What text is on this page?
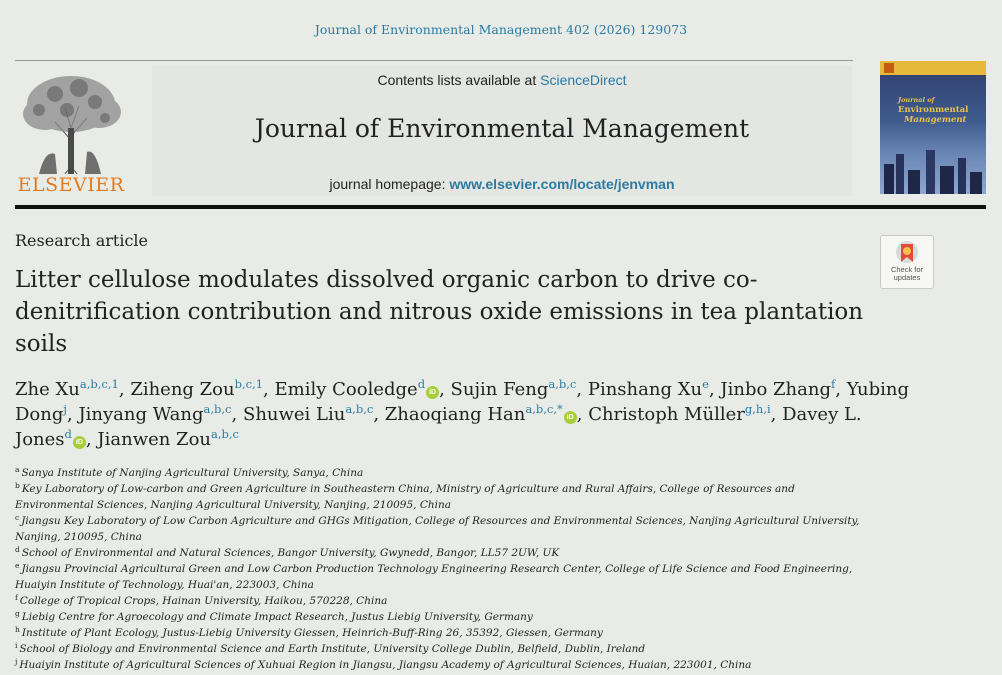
Journal of Environmental Management 402 (2026) 129073
ELSEVIER
Contents lists available at ScienceDirect
Journal of Environmental Management
journal homepage: www.elsevier.com/locate/jenvman
Journal of
Environmental
Management
Research article
Check for updates
Litter cellulose modulates dissolved organic carbon to drive co-denitrification contribution and nitrous oxide emissions in tea plantation soils
Zhe Xu$^{a,b,c,1}$, Ziheng Zou$^{b,c,1}$, Emily Cooledge$^d$iD , Sujin Feng$^{a,b,c}$, Pinshang Xu$^e$, Jinbo Zhang$^f$, Yubing Dong$^j$, Jinyang Wang$^{a,b,c}$, Shuwei Liu$^{a,b,c}$, Zhaoqiang Han$^{a,b,c,*}$iD , Christoph Müller$^{g,h,i}$, Davey L. Jones$^d$iD , Jianwen Zou$^{a,b,c}$
$^a$ Sanya Institute of Nanjing Agricultural University, Sanya, China
$^b$ Key Laboratory of Low-carbon and Green Agriculture in Southeastern China, Ministry of Agriculture and Rural Affairs, College of Resources and Environmental Sciences, Nanjing Agricultural University, Nanjing, 210095, China
$^c$ Jiangsu Key Laboratory of Low Carbon Agriculture and GHGs Mitigation, College of Resources and Environmental Sciences, Nanjing Agricultural University, Nanjing, 210095, China
$^d$ School of Environmental and Natural Sciences, Bangor University, Gwynedd, Bangor, LL57 2UW, UK
$^e$ Jiangsu Provincial Agricultural Green and Low Carbon Production Technology Engineering Research Center, College of Life Science and Food Engineering, Huaiyin Institute of Technology, Huai'an, 223003, China
$^f$ College of Tropical Crops, Hainan University, Haikou, 570228, China
$^g$ Liebig Centre for Agroecology and Climate Impact Research, Justus Liebig University, Germany
$^h$ Institute of Plant Ecology, Justus-Liebig University Giessen, Heinrich-Buff-Ring 26, 35392, Giessen, Germany
$^i$ School of Biology and Environmental Science and Earth Institute, University College Dublin, Belfield, Dublin, Ireland
$^j$ Huaiyin Institute of Agricultural Sciences of Xuhuai Region in Jiangsu, Jiangsu Academy of Agricultural Sciences, Huaian, 223001, China
